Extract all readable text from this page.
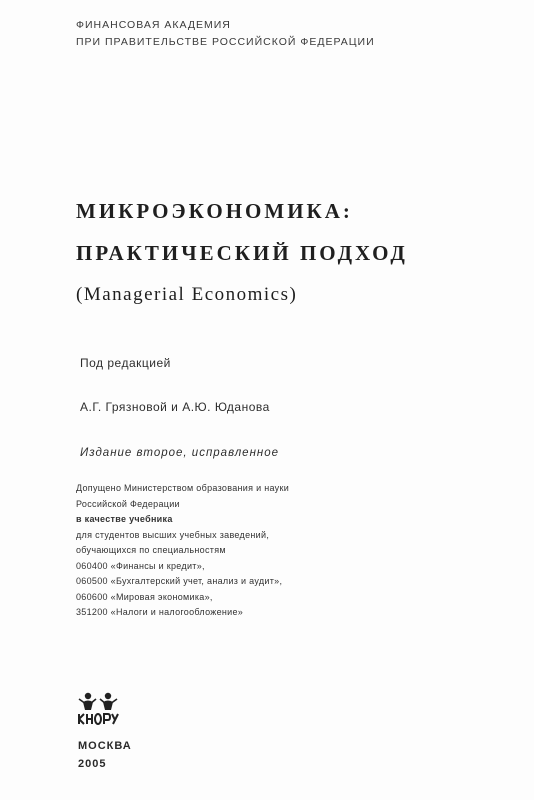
ФИНАНСОВАЯ АКАДЕМИЯ
ПРИ ПРАВИТЕЛЬСТВЕ РОССИЙСКОЙ ФЕДЕРАЦИИ
МИКРОЭКОНОМИКА:
ПРАКТИЧЕСКИЙ ПОДХОД
(Managerial Economics)
Под редакцией
А.Г. Грязновой и А.Ю. Юданова
Издание второе, исправленное
Допущено Министерством образования и науки
Российской Федерации
в качестве учебника
для студентов высших учебных заведений,
обучающихся по специальностям
060400 «Финансы и кредит»,
060500 «Бухгалтерский учет, анализ и аудит»,
060600 «Мировая экономика»,
351200 «Налоги и налогообложение»
МОСКВА
2005
